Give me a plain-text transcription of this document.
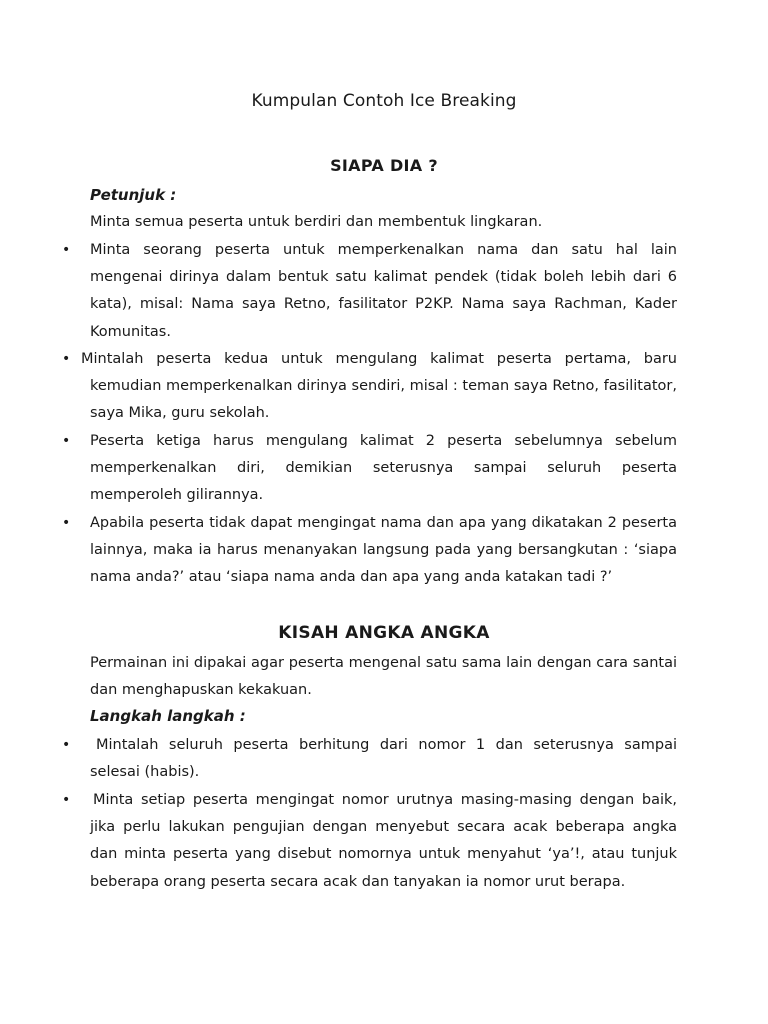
Kumpulan Contoh Ice Breaking
SIAPA DIA ?
Petunjuk :
Minta semua peserta untuk berdiri dan membentuk lingkaran.
• Minta seorang peserta untuk memperkenalkan nama dan satu hal lain mengenai dirinya dalam bentuk satu kalimat pendek (tidak boleh lebih dari 6 kata), misal: Nama saya Retno, fasilitator P2KP. Nama saya Rachman, Kader Komunitas.
• Mintalah peserta kedua untuk mengulang kalimat peserta pertama, baru kemudian memperkenalkan dirinya sendiri, misal : teman saya Retno, fasilitator, saya Mika, guru sekolah.
• Peserta ketiga harus mengulang kalimat 2 peserta sebelumnya sebelum memperkenalkan diri, demikian seterusnya sampai seluruh peserta memperoleh gilirannya.
• Apabila peserta tidak dapat mengingat nama dan apa yang dikatakan 2 peserta lainnya, maka ia harus menanyakan langsung pada yang bersangkutan : ‘siapa nama anda?’ atau ‘siapa nama anda dan apa yang anda katakan tadi ?’
KISAH ANGKA ANGKA
Permainan ini dipakai agar peserta mengenal satu sama lain dengan cara santai dan menghapuskan kekakuan.
Langkah langkah :
•	Mintalah seluruh peserta berhitung dari nomor 1 dan seterusnya sampai selesai (habis).
• Minta setiap peserta mengingat nomor urutnya masing-masing dengan baik, jika perlu lakukan pengujian dengan menyebut secara acak beberapa angka dan minta peserta yang disebut nomornya untuk menyahut ‘ya’!, atau tunjuk beberapa orang peserta secara acak dan tanyakan ia nomor urut berapa.
